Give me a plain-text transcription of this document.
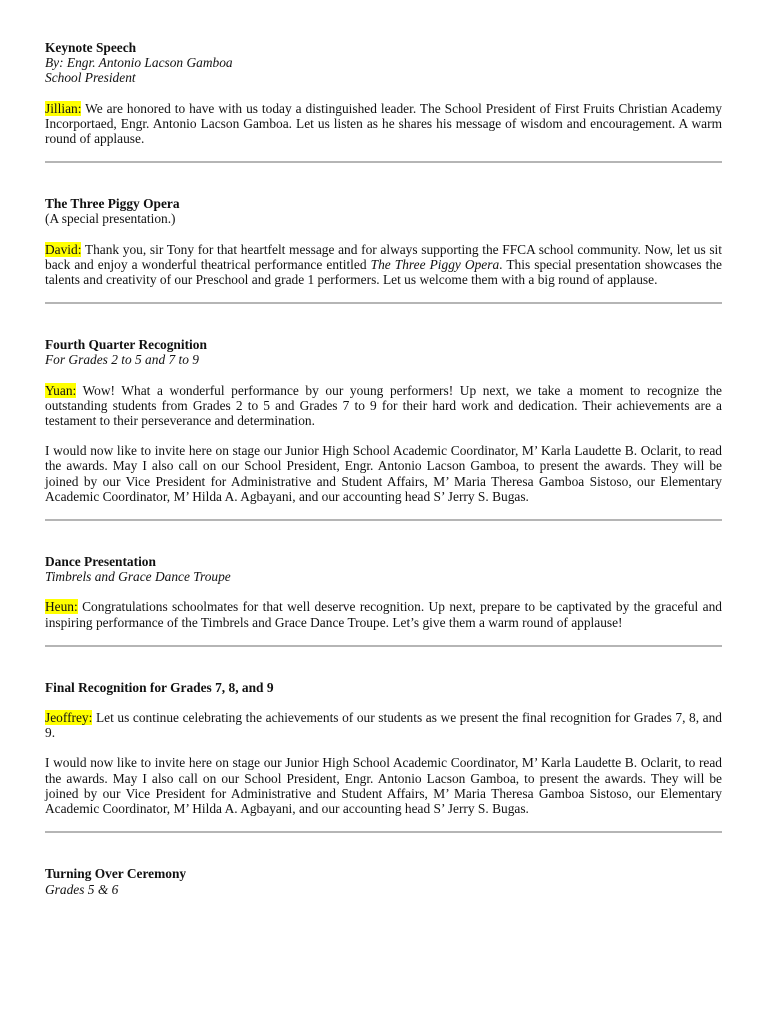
Keynote Speech

By: Engr. Antonio Lacson Gamboa

School President

Jillian: We are honored to have with us today a distinguished leader. The School President of First Fruits Christian Academy Incorportaed, Engr. Antonio Lacson Gamboa. Let us listen as he shares his message of wisdom and encouragement. A warm round of applause.

The Three Piggy Opera

(A special presentation.)

David: Thank you, sir Tony for that heartfelt message and for always supporting the FFCA school community. Now, let us sit back and enjoy a wonderful theatrical performance entitled The Three Piggy Opera. This special presentation showcases the talents and creativity of our Preschool and grade 1 performers. Let us welcome them with a big round of applause.

Fourth Quarter Recognition

For Grades 2 to 5 and 7 to 9

Yuan: Wow! What a wonderful performance by our young performers! Up next, we take a moment to recognize the outstanding students from Grades 2 to 5 and Grades 7 to 9 for their hard work and dedication. Their achievements are a testament to their perseverance and determination.

I would now like to invite here on stage our Junior High School Academic Coordinator, M’ Karla Laudette B. Oclarit, to read the awards. May I also call on our School President, Engr. Antonio Lacson Gamboa, to present the awards. They will be joined by our Vice President for Administrative and Student Affairs, M’ Maria Theresa Gamboa Sistoso, our Elementary Academic Coordinator, M’ Hilda A. Agbayani, and our accounting head S’ Jerry S. Bugas.

Dance Presentation

Timbrels and Grace Dance Troupe

Heun: Congratulations schoolmates for that well deserve recognition. Up next, prepare to be captivated by the graceful and inspiring performance of the Timbrels and Grace Dance Troupe. Let’s give them a warm round of applause!

Final Recognition for Grades 7, 8, and 9

Jeoffrey: Let us continue celebrating the achievements of our students as we present the final recognition for Grades 7, 8, and 9.

I would now like to invite here on stage our Junior High School Academic Coordinator, M’ Karla Laudette B. Oclarit, to read the awards. May I also call on our School President, Engr. Antonio Lacson Gamboa, to present the awards. They will be joined by our Vice President for Administrative and Student Affairs, M’ Maria Theresa Gamboa Sistoso, our Elementary Academic Coordinator, M’ Hilda A. Agbayani, and our accounting head S’ Jerry S. Bugas.

Turning Over Ceremony

Grades 5 & 6
